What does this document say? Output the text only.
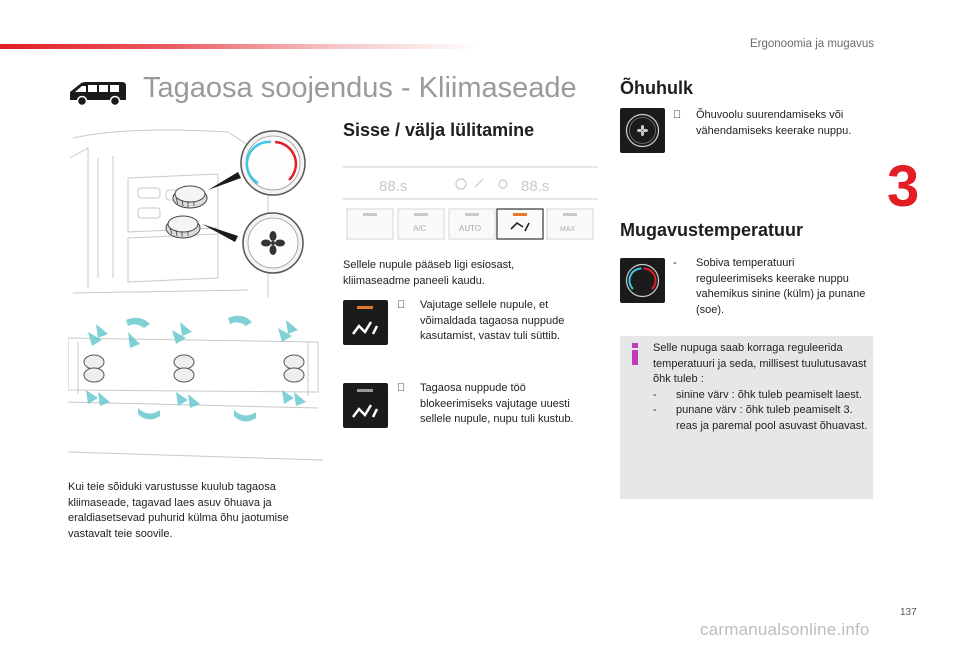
Ergonoomia ja mugavus
3
Tagaosa soojendus - Kliimaseade
Kui teie sõiduki varustusse kuulub tagaosa kliimaseade, tagavad laes asuv õhuava ja eraldiasetsevad puhurid külma õhu jaotumise vastavalt teie soovile.
Sisse / välja lülitamine
88.s	88.s
A/C	AUTO	MAX
Sellele nupule pääseb ligi esiosast, kliimaseadme paneeli kaudu.
Vajutage sellele nupule, et võimaldada tagaosa nuppude kasutamist, vastav tuli süttib.
Tagaosa nuppude töö blokeerimiseks vajutage uuesti sellele nupule, nupu tuli kustub.
Õhuhulk
Õhuvoolu suurendamiseks või vähendamiseks keerake nuppu.
Mugavustemperatuur
-	Sobiva temperatuuri reguleerimiseks keerake nuppu vahemikus sinine (külm) ja punane (soe).
Selle nupuga saab korraga reguleerida temperatuuri ja seda, millisest tuulutusavast õhk tuleb :
- sinine värv : õhk tuleb peamiselt laest.
- punane värv : õhk tuleb peamiselt 3. reas ja paremal pool asuvast õhuavast.
137
carmanualsonline.info
